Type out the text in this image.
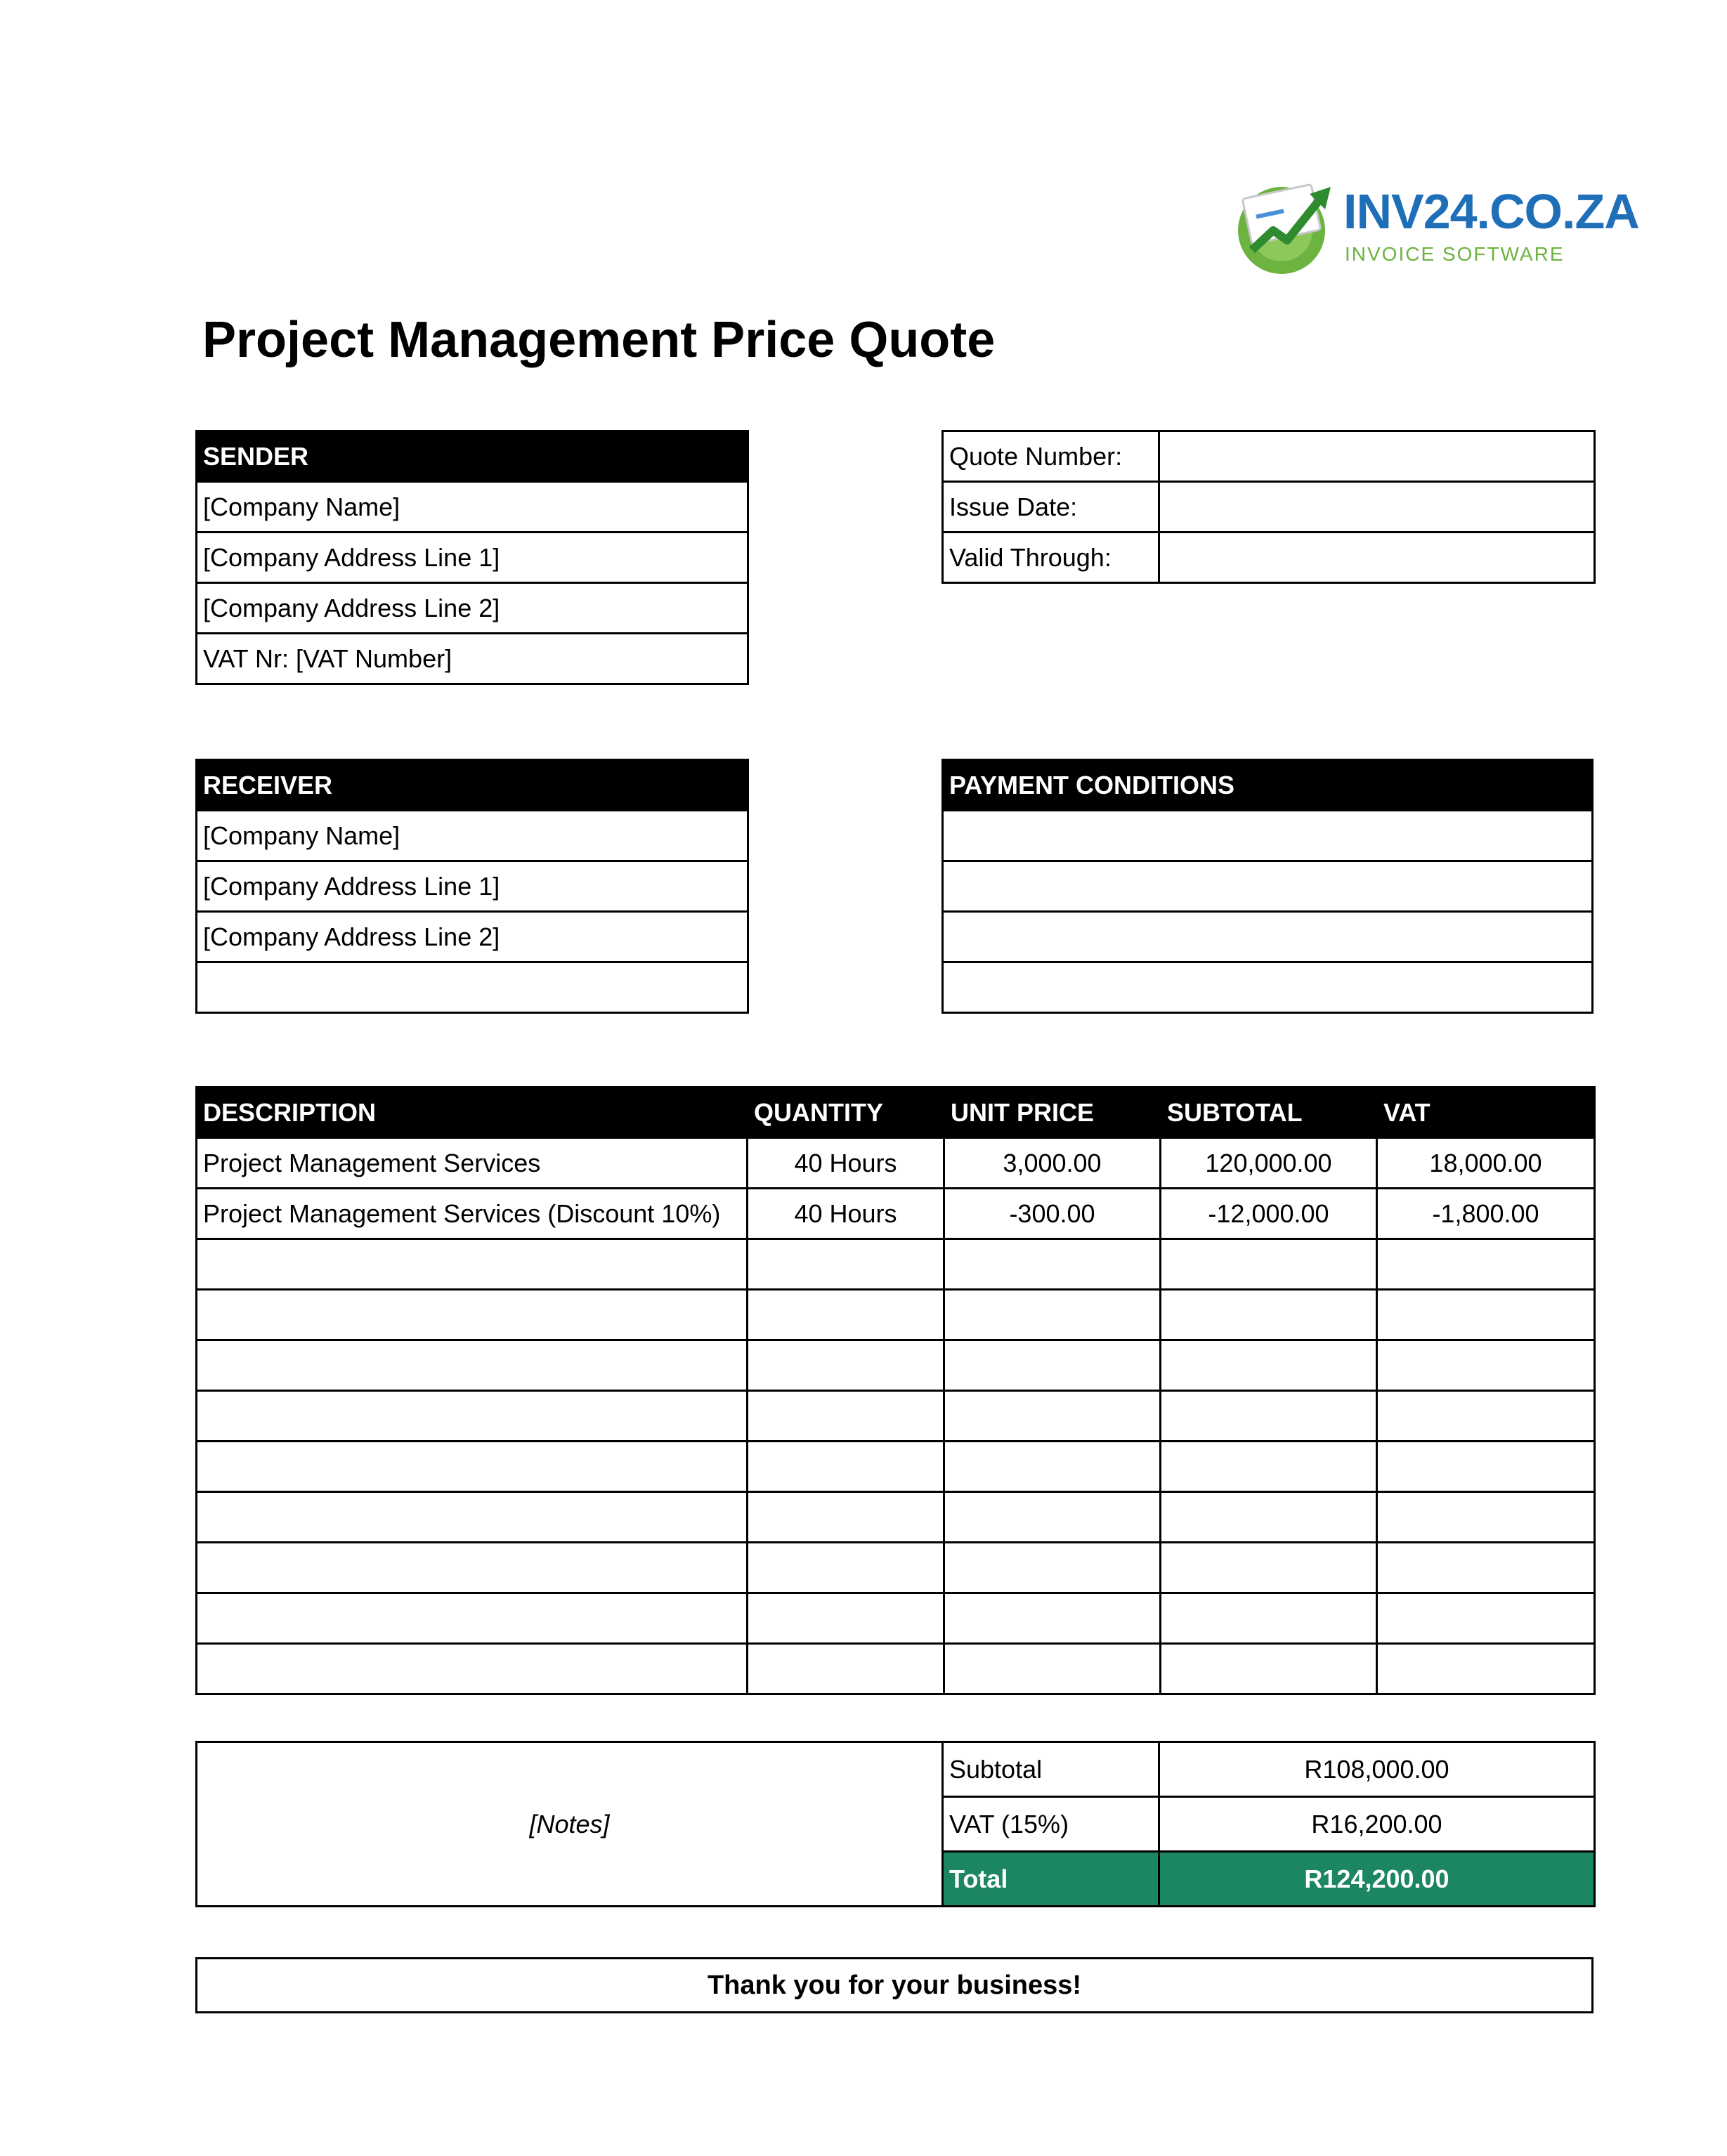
INV24.CO.ZA
INVOICE SOFTWARE
Project Management Price Quote
SENDER
[Company Name]
[Company Address Line 1]
[Company Address Line 2]
VAT Nr: [VAT Number]
Quote Number:	
Issue Date:	
Valid Through:	
RECEIVER
[Company Name]
[Company Address Line 1]
[Company Address Line 2]

PAYMENT CONDITIONS

DESCRIPTION	QUANTITY	UNIT PRICE	SUBTOTAL	VAT
Project Management Services	40 Hours	3,000.00	120,000.00	18,000.00
Project Management Services (Discount 10%)	40 Hours	-300.00	-12,000.00	-1,800.00

[Notes]	Subtotal	R108,000.00
	VAT (15%)	R16,200.00
	Total	R124,200.00
Thank you for your business!
